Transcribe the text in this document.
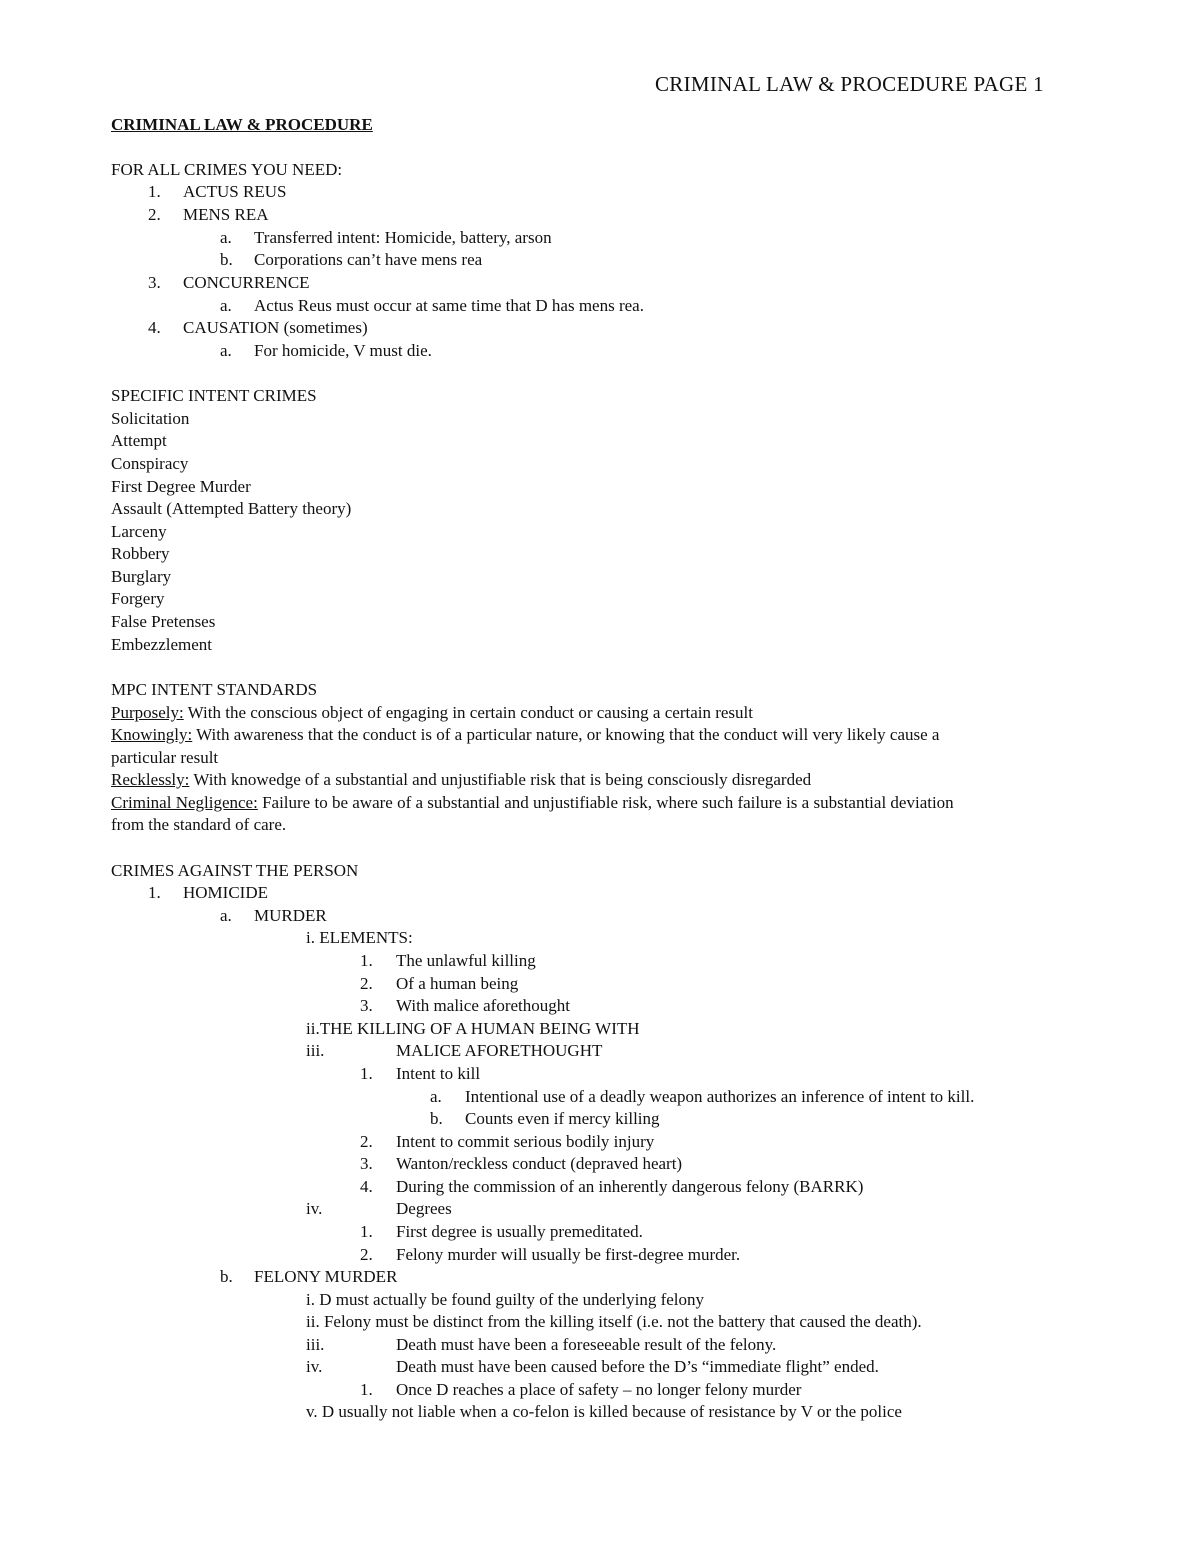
CRIMINAL LAW & PROCEDURE PAGE 1
CRIMINAL LAW & PROCEDURE
FOR ALL CRIMES YOU NEED:
1. ACTUS REUS
2. MENS REA
a. Transferred intent: Homicide, battery, arson
b. Corporations can’t have mens rea
3. CONCURRENCE
a. Actus Reus must occur at same time that D has mens rea.
4. CAUSATION (sometimes)
a. For homicide, V must die.
SPECIFIC INTENT CRIMES
Solicitation
Attempt
Conspiracy
First Degree Murder
Assault (Attempted Battery theory)
Larceny
Robbery
Burglary
Forgery
False Pretenses
Embezzlement
MPC INTENT STANDARDS
Purposely: With the conscious object of engaging in certain conduct or causing a certain result
Knowingly: With awareness that the conduct is of a particular nature, or knowing that the conduct will very likely cause a
particular result
Recklessly: With knowedge of a substantial and unjustifiable risk that is being consciously disregarded
Criminal Negligence: Failure to be aware of a substantial and unjustifiable risk, where such failure is a substantial deviation
from the standard of care.
CRIMES AGAINST THE PERSON
1. HOMICIDE
a. MURDER
i. ELEMENTS:
1. The unlawful killing
2. Of a human being
3. With malice aforethought
ii.THE KILLING OF A HUMAN BEING WITH
iii.	MALICE AFORETHOUGHT
1. Intent to kill
a. Intentional use of a deadly weapon authorizes an inference of intent to kill.
b. Counts even if mercy killing
2. Intent to commit serious bodily injury
3. Wanton/reckless conduct (depraved heart)
4. During the commission of an inherently dangerous felony (BARRK)
iv.	Degrees
1. First degree is usually premeditated.
2. Felony murder will usually be first-degree murder.
b. FELONY MURDER
i. D must actually be found guilty of the underlying felony
ii. Felony must be distinct from the killing itself (i.e. not the battery that caused the death).
iii.	Death must have been a foreseeable result of the felony.
iv.	Death must have been caused before the D’s “immediate flight” ended.
1. Once D reaches a place of safety – no longer felony murder
v. D usually not liable when a co-felon is killed because of resistance by V or the police
